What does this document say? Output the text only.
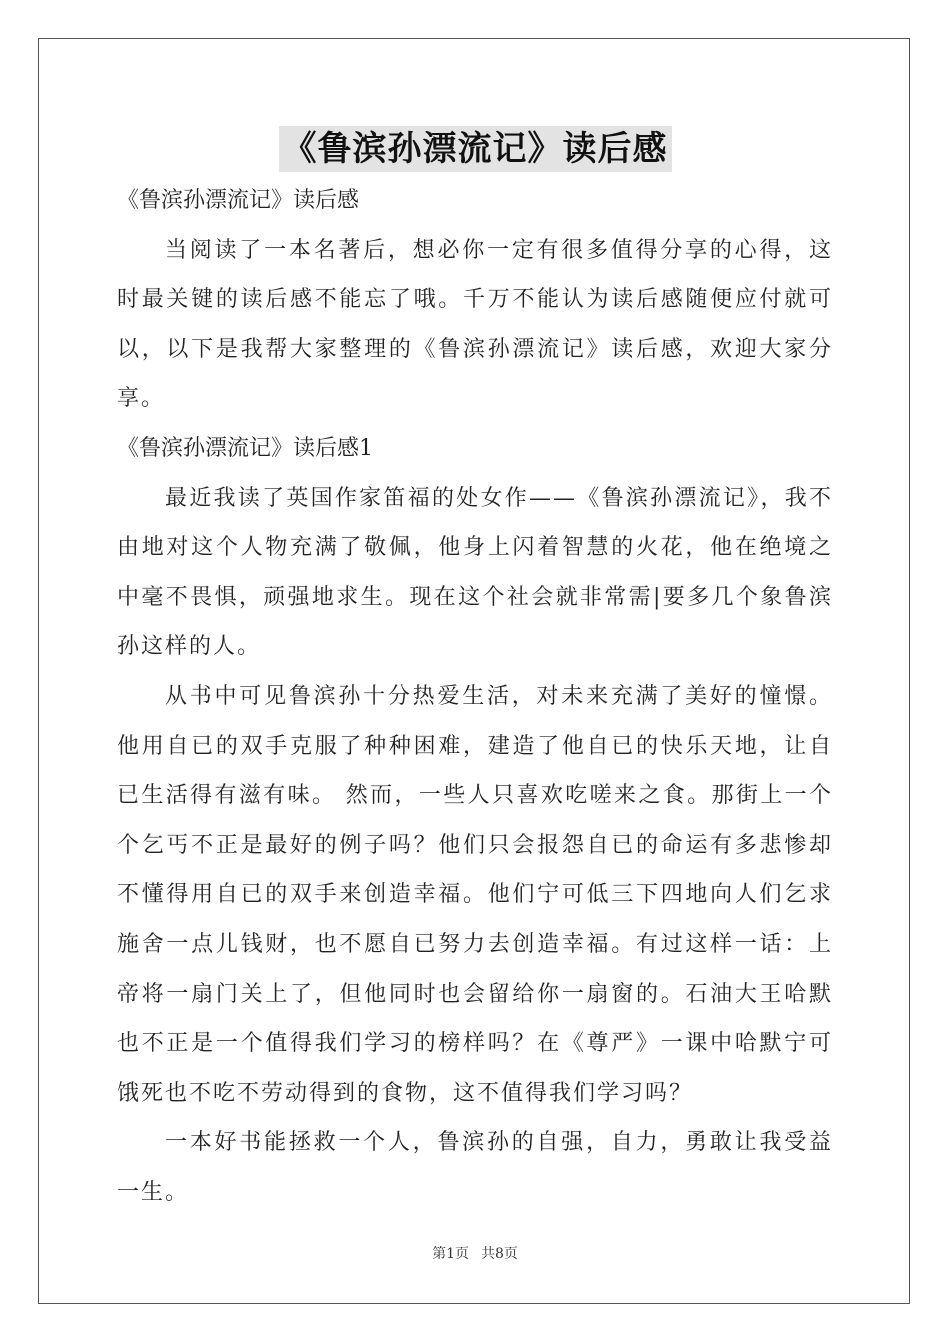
《鲁滨孙漂流记》读后感

《鲁滨孙漂流记》读后感

当阅读了一本名著后，想必你一定有很多值得分享的心得，这时最关键的读后感不能忘了哦。千万不能认为读后感随便应付就可以，以下是我帮大家整理的《鲁滨孙漂流记》读后感，欢迎大家分享。

《鲁滨孙漂流记》读后感1

最近我读了英国作家笛福的处女作——《鲁滨孙漂流记》，我不由地对这个人物充满了敬佩，他身上闪着智慧的火花，他在绝境之中毫不畏惧，顽强地求生。现在这个社会就非常需|要多几个象鲁滨孙这样的人。

从书中可见鲁滨孙十分热爱生活，对未来充满了美好的憧憬。他用自已的双手克服了种种困难，建造了他自已的快乐天地，让自已生活得有滋有味。 然而，一些人只喜欢吃嗟来之食。那街上一个个乞丐不正是最好的例子吗？他们只会报怨自已的命运有多悲惨却不懂得用自已的双手来创造幸福。他们宁可低三下四地向人们乞求施舍一点儿钱财，也不愿自已努力去创造幸福。有过这样一话：上帝将一扇门关上了，但他同时也会留给你一扇窗的。石油大王哈默也不正是一个值得我们学习的榜样吗？在《尊严》一课中哈默宁可饿死也不吃不劳动得到的食物，这不值得我们学习吗？

一本好书能拯救一个人，鲁滨孙的自强，自力，勇敢让我受益一生。

第1页 共8页
